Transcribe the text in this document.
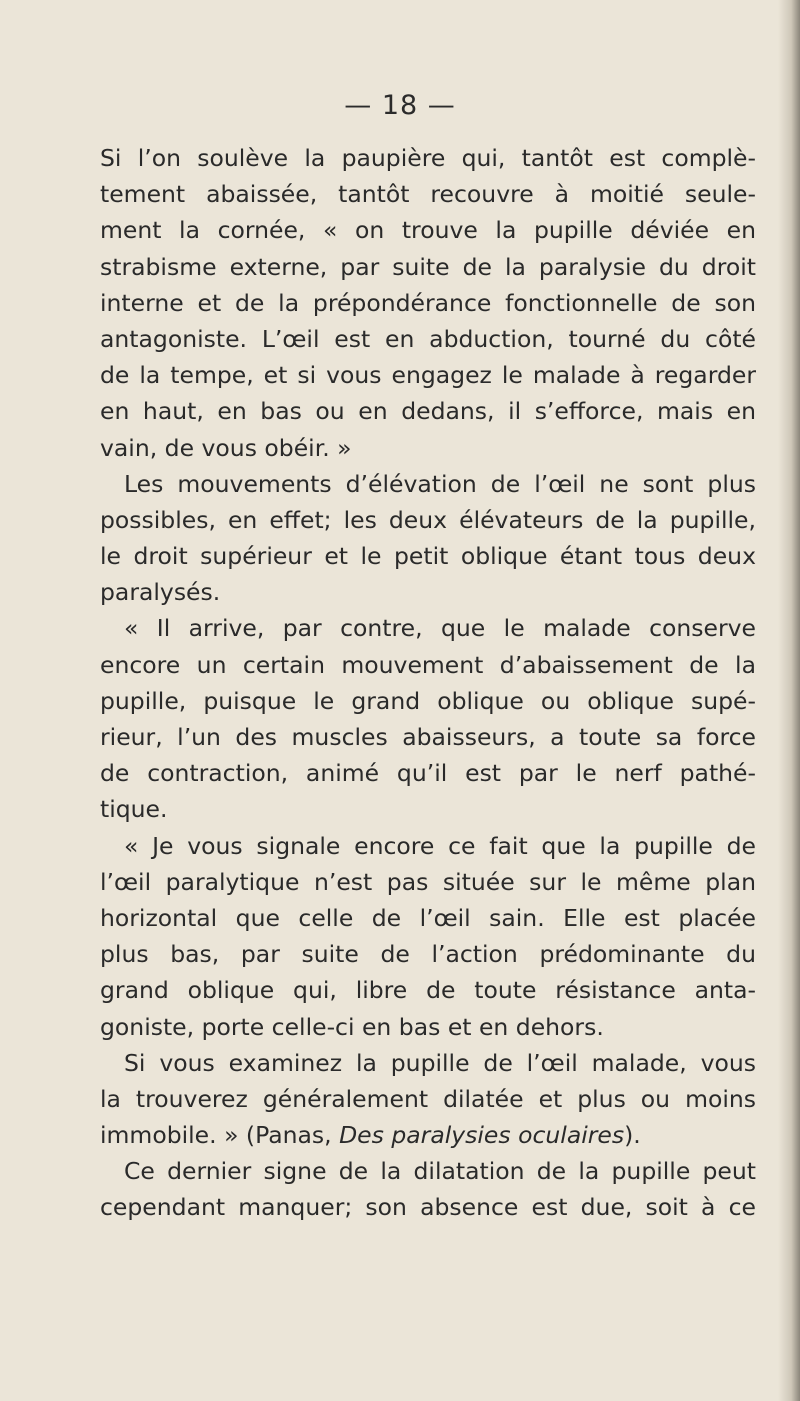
— 18 —
Si l’on soulève la paupière qui, tantôt est complè-
tement abaissée, tantôt recouvre à moitié seule-
ment la cornée, « on trouve la pupille déviée en
strabisme externe, par suite de la paralysie du droit
interne et de la prépondérance fonctionnelle de son
antagoniste. L’œil est en abduction, tourné du côté
de la tempe, et si vous engagez le malade à regarder
en haut, en bas ou en dedans, il s’efforce, mais en
vain, de vous obéir. »
Les mouvements d’élévation de l’œil ne sont plus
possibles, en effet; les deux élévateurs de la pupille,
le droit supérieur et le petit oblique étant tous deux
paralysés.
« Il arrive, par contre, que le malade conserve
encore un certain mouvement d’abaissement de la
pupille, puisque le grand oblique ou oblique supé-
rieur, l’un des muscles abaisseurs, a toute sa force
de contraction, animé qu’il est par le nerf pathé-
tique.
« Je vous signale encore ce fait que la pupille de
l’œil paralytique n’est pas située sur le même plan
horizontal que celle de l’œil sain. Elle est placée
plus bas, par suite de l’action prédominante du
grand oblique qui, libre de toute résistance anta-
goniste, porte celle-ci en bas et en dehors.
Si vous examinez la pupille de l’œil malade, vous
la trouverez généralement dilatée et plus ou moins
immobile. » (Panas, Des paralysies oculaires).
Ce dernier signe de la dilatation de la pupille peut
cependant manquer; son absence est due, soit à ce
